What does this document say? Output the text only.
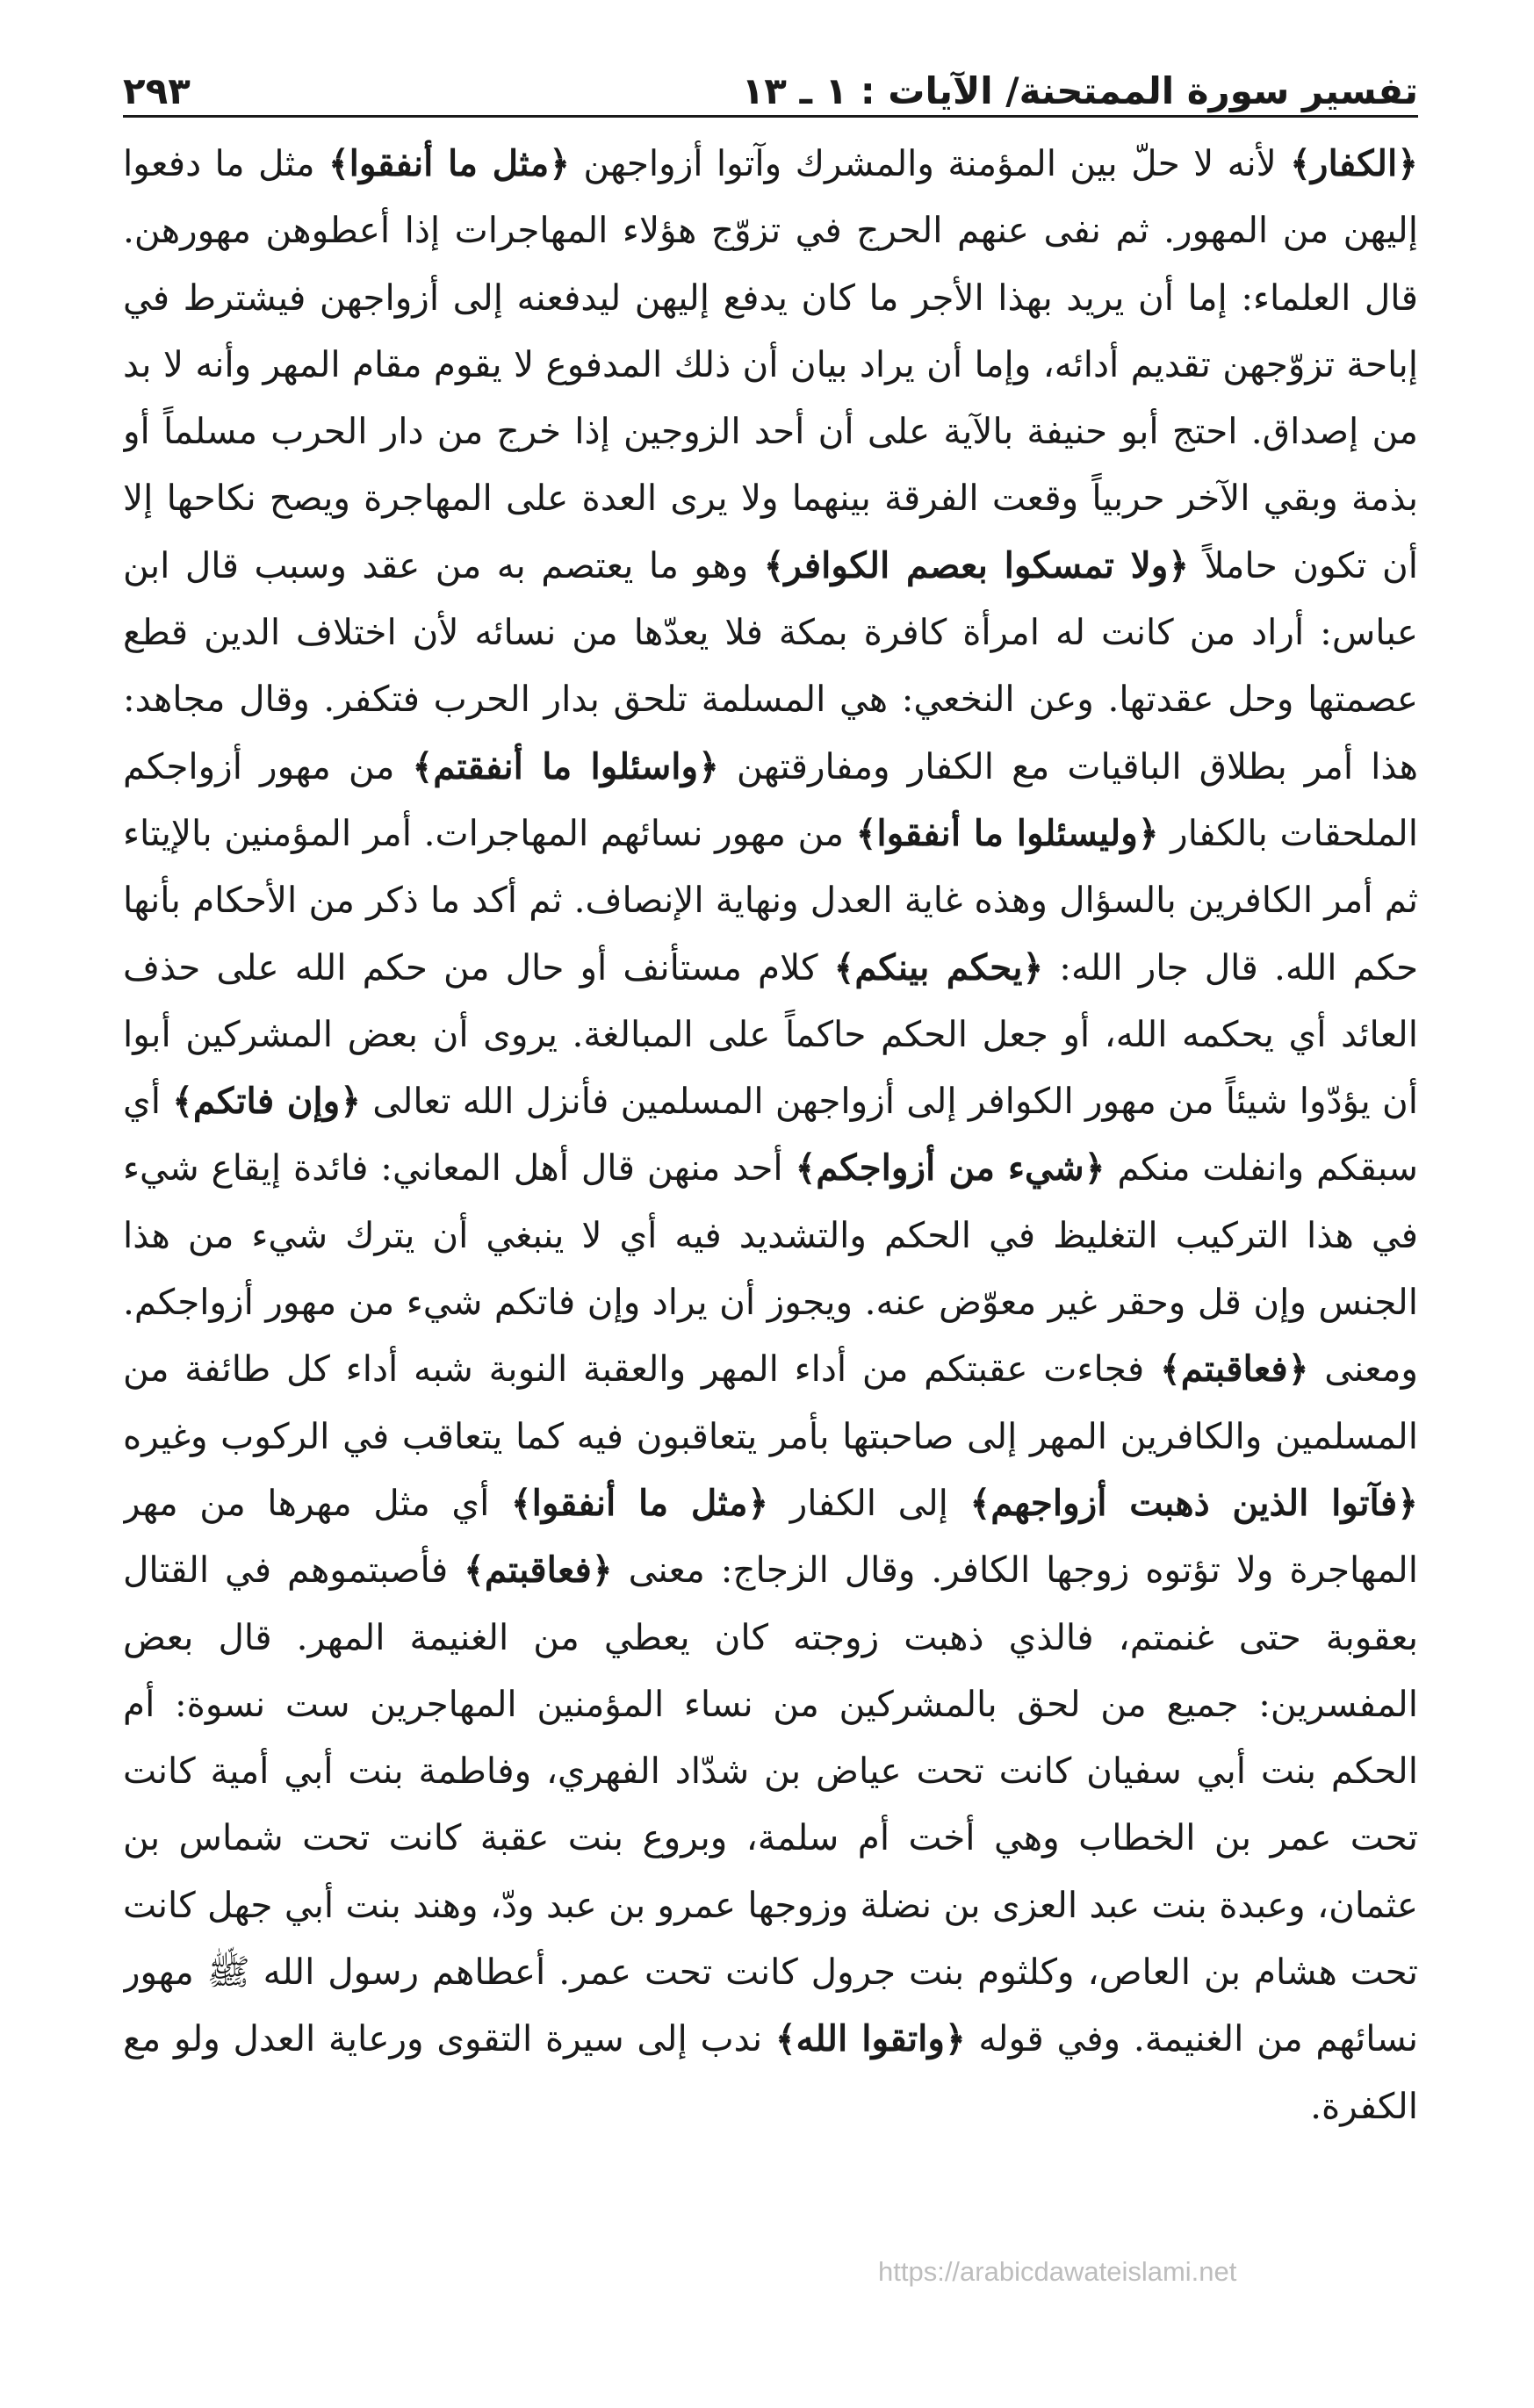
تفسير سورة الممتحنة/ الآيات : ١ ـ ١٣
٢٩٣

﴿الكفار﴾ لأنه لا حلّ بين المؤمنة والمشرك وآتوا أزواجهن ﴿مثل ما أنفقوا﴾ مثل ما دفعوا إليهن من المهور. ثم نفى عنهم الحرج في تزوّج هؤلاء المهاجرات إذا أعطوهن مهورهن. قال العلماء: إما أن يريد بهذا الأجر ما كان يدفع إليهن ليدفعنه إلى أزواجهن فيشترط في إباحة تزوّجهن تقديم أدائه، وإما أن يراد بيان أن ذلك المدفوع لا يقوم مقام المهر وأنه لا بد من إصداق. احتج أبو حنيفة بالآية على أن أحد الزوجين إذا خرج من دار الحرب مسلماً أو بذمة وبقي الآخر حربياً وقعت الفرقة بينهما ولا يرى العدة على المهاجرة ويصح نكاحها إلا أن تكون حاملاً ﴿ولا تمسكوا بعصم الكوافر﴾ وهو ما يعتصم به من عقد وسبب قال ابن عباس: أراد من كانت له امرأة كافرة بمكة فلا يعدّها من نسائه لأن اختلاف الدين قطع عصمتها وحل عقدتها. وعن النخعي: هي المسلمة تلحق بدار الحرب فتكفر. وقال مجاهد: هذا أمر بطلاق الباقيات مع الكفار ومفارقتهن ﴿واسئلوا ما أنفقتم﴾ من مهور أزواجكم الملحقات بالكفار ﴿وليسئلوا ما أنفقوا﴾ من مهور نسائهم المهاجرات. أمر المؤمنين بالإيتاء ثم أمر الكافرين بالسؤال وهذه غاية العدل ونهاية الإنصاف. ثم أكد ما ذكر من الأحكام بأنها حكم الله. قال جار الله: ﴿يحكم بينكم﴾ كلام مستأنف أو حال من حكم الله على حذف العائد أي يحكمه الله، أو جعل الحكم حاكماً على المبالغة. يروى أن بعض المشركين أبوا أن يؤدّوا شيئاً من مهور الكوافر إلى أزواجهن المسلمين فأنزل الله تعالى ﴿وإن فاتكم﴾ أي سبقكم وانفلت منكم ﴿شيء من أزواجكم﴾ أحد منهن قال أهل المعاني: فائدة إيقاع شيء في هذا التركيب التغليظ في الحكم والتشديد فيه أي لا ينبغي أن يترك شيء من هذا الجنس وإن قل وحقر غير معوّض عنه. ويجوز أن يراد وإن فاتكم شيء من مهور أزواجكم. ومعنى ﴿فعاقبتم﴾ فجاءت عقبتكم من أداء المهر والعقبة النوبة شبه أداء كل طائفة من المسلمين والكافرين المهر إلى صاحبتها بأمر يتعاقبون فيه كما يتعاقب في الركوب وغيره ﴿فآتوا الذين ذهبت أزواجهم﴾ إلى الكفار ﴿مثل ما أنفقوا﴾ أي مثل مهرها من مهر المهاجرة ولا تؤتوه زوجها الكافر. وقال الزجاج: معنى ﴿فعاقبتم﴾ فأصبتموهم في القتال بعقوبة حتى غنمتم، فالذي ذهبت زوجته كان يعطي من الغنيمة المهر. قال بعض المفسرين: جميع من لحق بالمشركين من نساء المؤمنين المهاجرين ست نسوة: أم الحكم بنت أبي سفيان كانت تحت عياض بن شدّاد الفهري، وفاطمة بنت أبي أمية كانت تحت عمر بن الخطاب وهي أخت أم سلمة، وبروع بنت عقبة كانت تحت شماس بن عثمان، وعبدة بنت عبد العزى بن نضلة وزوجها عمرو بن عبد ودّ، وهند بنت أبي جهل كانت تحت هشام بن العاص، وكلثوم بنت جرول كانت تحت عمر. أعطاهم رسول الله ﷺ مهور نسائهم من الغنيمة. وفي قوله ﴿واتقوا الله﴾ ندب إلى سيرة التقوى ورعاية العدل ولو مع الكفرة.

https://arabicdawateislami.net
